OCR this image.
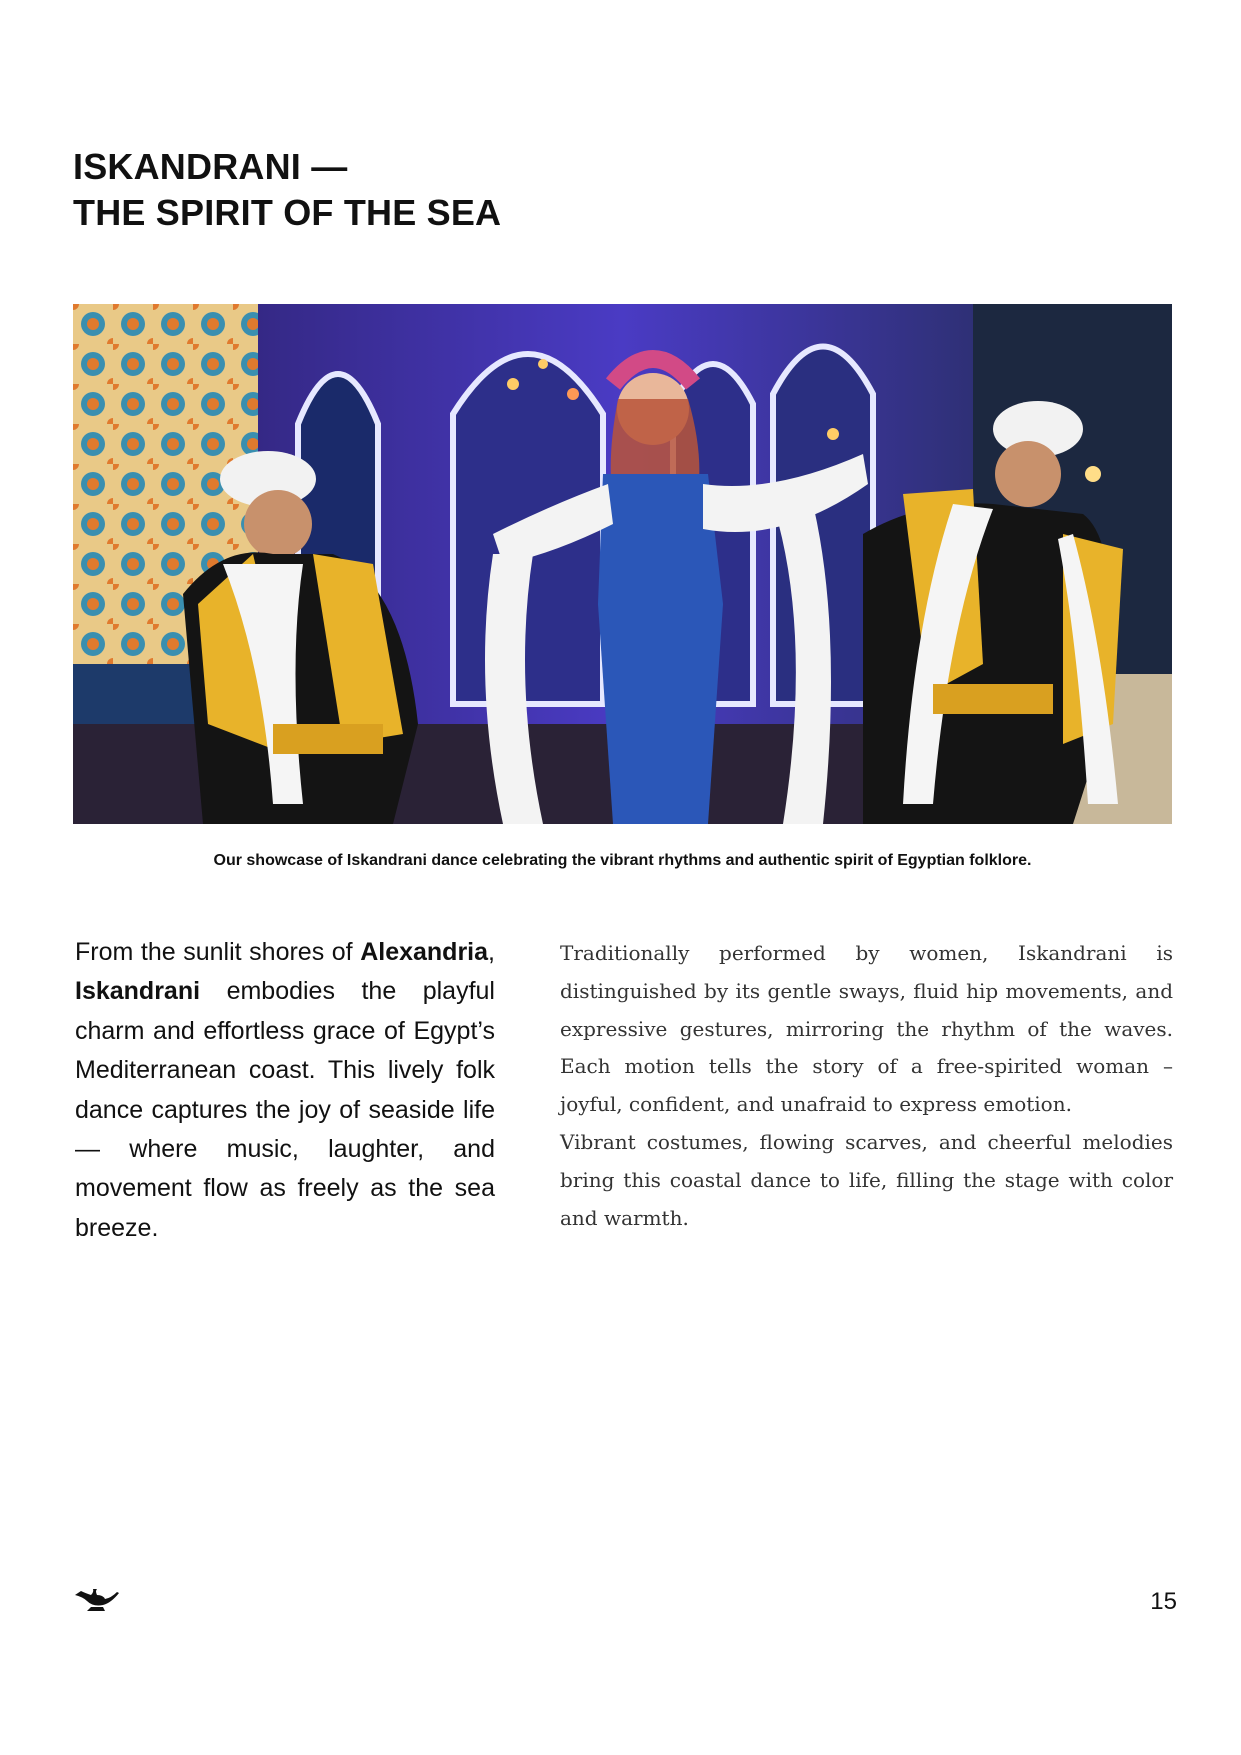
ISKANDRANI —
THE SPIRIT OF THE SEA
Our showcase of Iskandrani dance celebrating the vibrant rhythms and authentic spirit of Egyptian folklore.
From the sunlit shores of Alexandria, Iskandrani embodies the playful charm and effortless grace of Egypt’s Mediterranean coast. This lively folk dance captures the joy of seaside life — where music, laughter, and movement flow as freely as the sea breeze.

Traditionally performed by women, Iskandrani is distinguished by its gentle sways, fluid hip movements, and expressive gestures, mirroring the rhythm of the waves. Each motion tells the story of a free-spirited woman – joyful, confident, and unafraid to express emotion.

Vibrant costumes, flowing scarves, and cheerful melodies bring this coastal dance to life, filling the stage with color and warmth.

15
